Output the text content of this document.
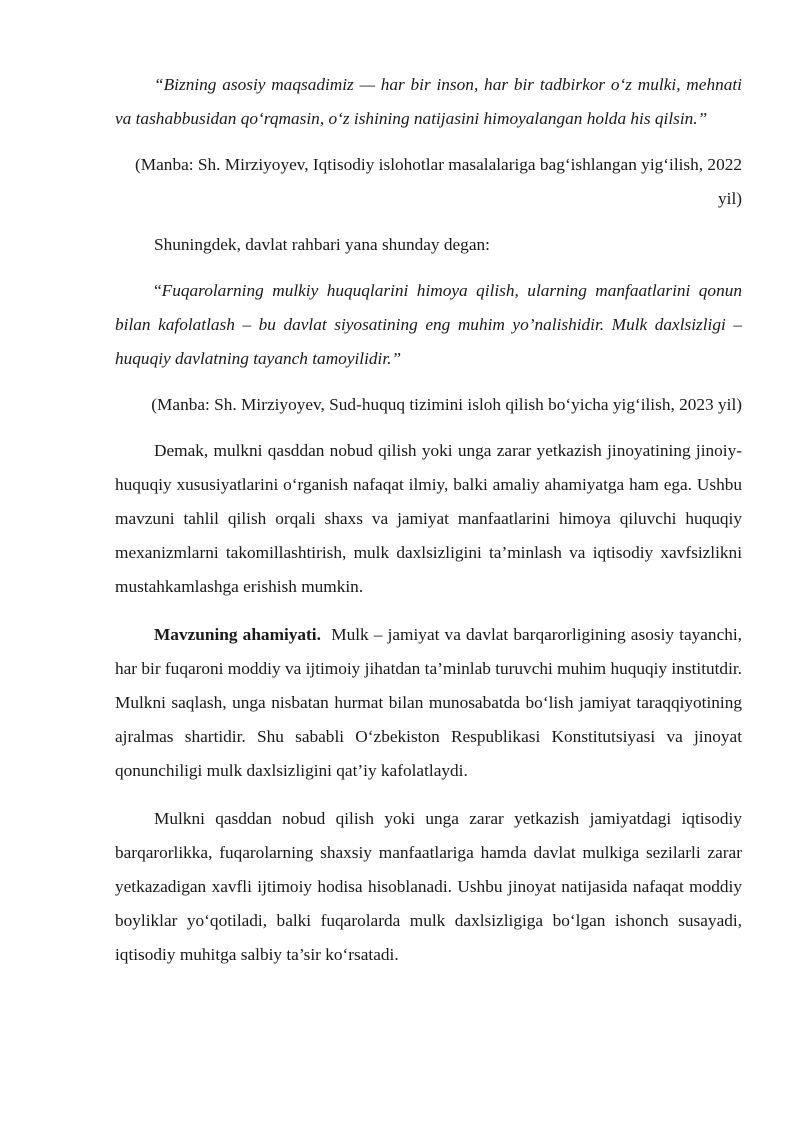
“Bizning asosiy maqsadimiz — har bir inson, har bir tadbirkor o‘z mulki, mehnati va tashabbusidan qo‘rqmasin, o‘z ishining natijasini himoyalangan holda his qilsin.”

(Manba: Sh. Mirziyoyev, Iqtisodiy islohotlar masalalariga bag‘ishlangan yig‘ilish, 2022 yil)

Shuningdek, davlat rahbari yana shunday degan:

“Fuqarolarning mulkiy huquqlarini himoya qilish, ularning manfaatlarini qonun bilan kafolatlash – bu davlat siyosatining eng muhim yo’nalishidir. Mulk daxlsizligi – huquqiy davlatning tayanch tamoyilidir.”

(Manba: Sh. Mirziyoyev, Sud-huquq tizimini isloh qilish bo‘yicha yig‘ilish, 2023 yil)

Demak, mulkni qasddan nobud qilish yoki unga zarar yetkazish jinoyatining jinoiy-huquqiy xususiyatlarini o‘rganish nafaqat ilmiy, balki amaliy ahamiyatga ham ega. Ushbu mavzuni tahlil qilish orqali shaxs va jamiyat manfaatlarini himoya qiluvchi huquqiy mexanizmlarni takomillashtirish, mulk daxlsizligini ta’minlash va iqtisodiy xavfsizlikni mustahkamlashga erishish mumkin.

Mavzuning ahamiyati. Mulk – jamiyat va davlat barqarorligining asosiy tayanchi, har bir fuqaroni moddiy va ijtimoiy jihatdan ta’minlab turuvchi muhim huquqiy institutdir. Mulkni saqlash, unga nisbatan hurmat bilan munosabatda bo‘lish jamiyat taraqqiyotining ajralmas shartidir. Shu sababli O‘zbekiston Respublikasi Konstitutsiyasi va jinoyat qonunchiligi mulk daxlsizligini qat’iy kafolatlaydi.

Mulkni qasddan nobud qilish yoki unga zarar yetkazish jamiyatdagi iqtisodiy barqarorlikka, fuqarolarning shaxsiy manfaatlariga hamda davlat mulkiga sezilarli zarar yetkazadigan xavfli ijtimoiy hodisa hisoblanadi. Ushbu jinoyat natijasida nafaqat moddiy boyliklar yo‘qotiladi, balki fuqarolarda mulk daxlsizligiga bo‘lgan ishonch susayadi, iqtisodiy muhitga salbiy ta’sir ko‘rsatadi.
